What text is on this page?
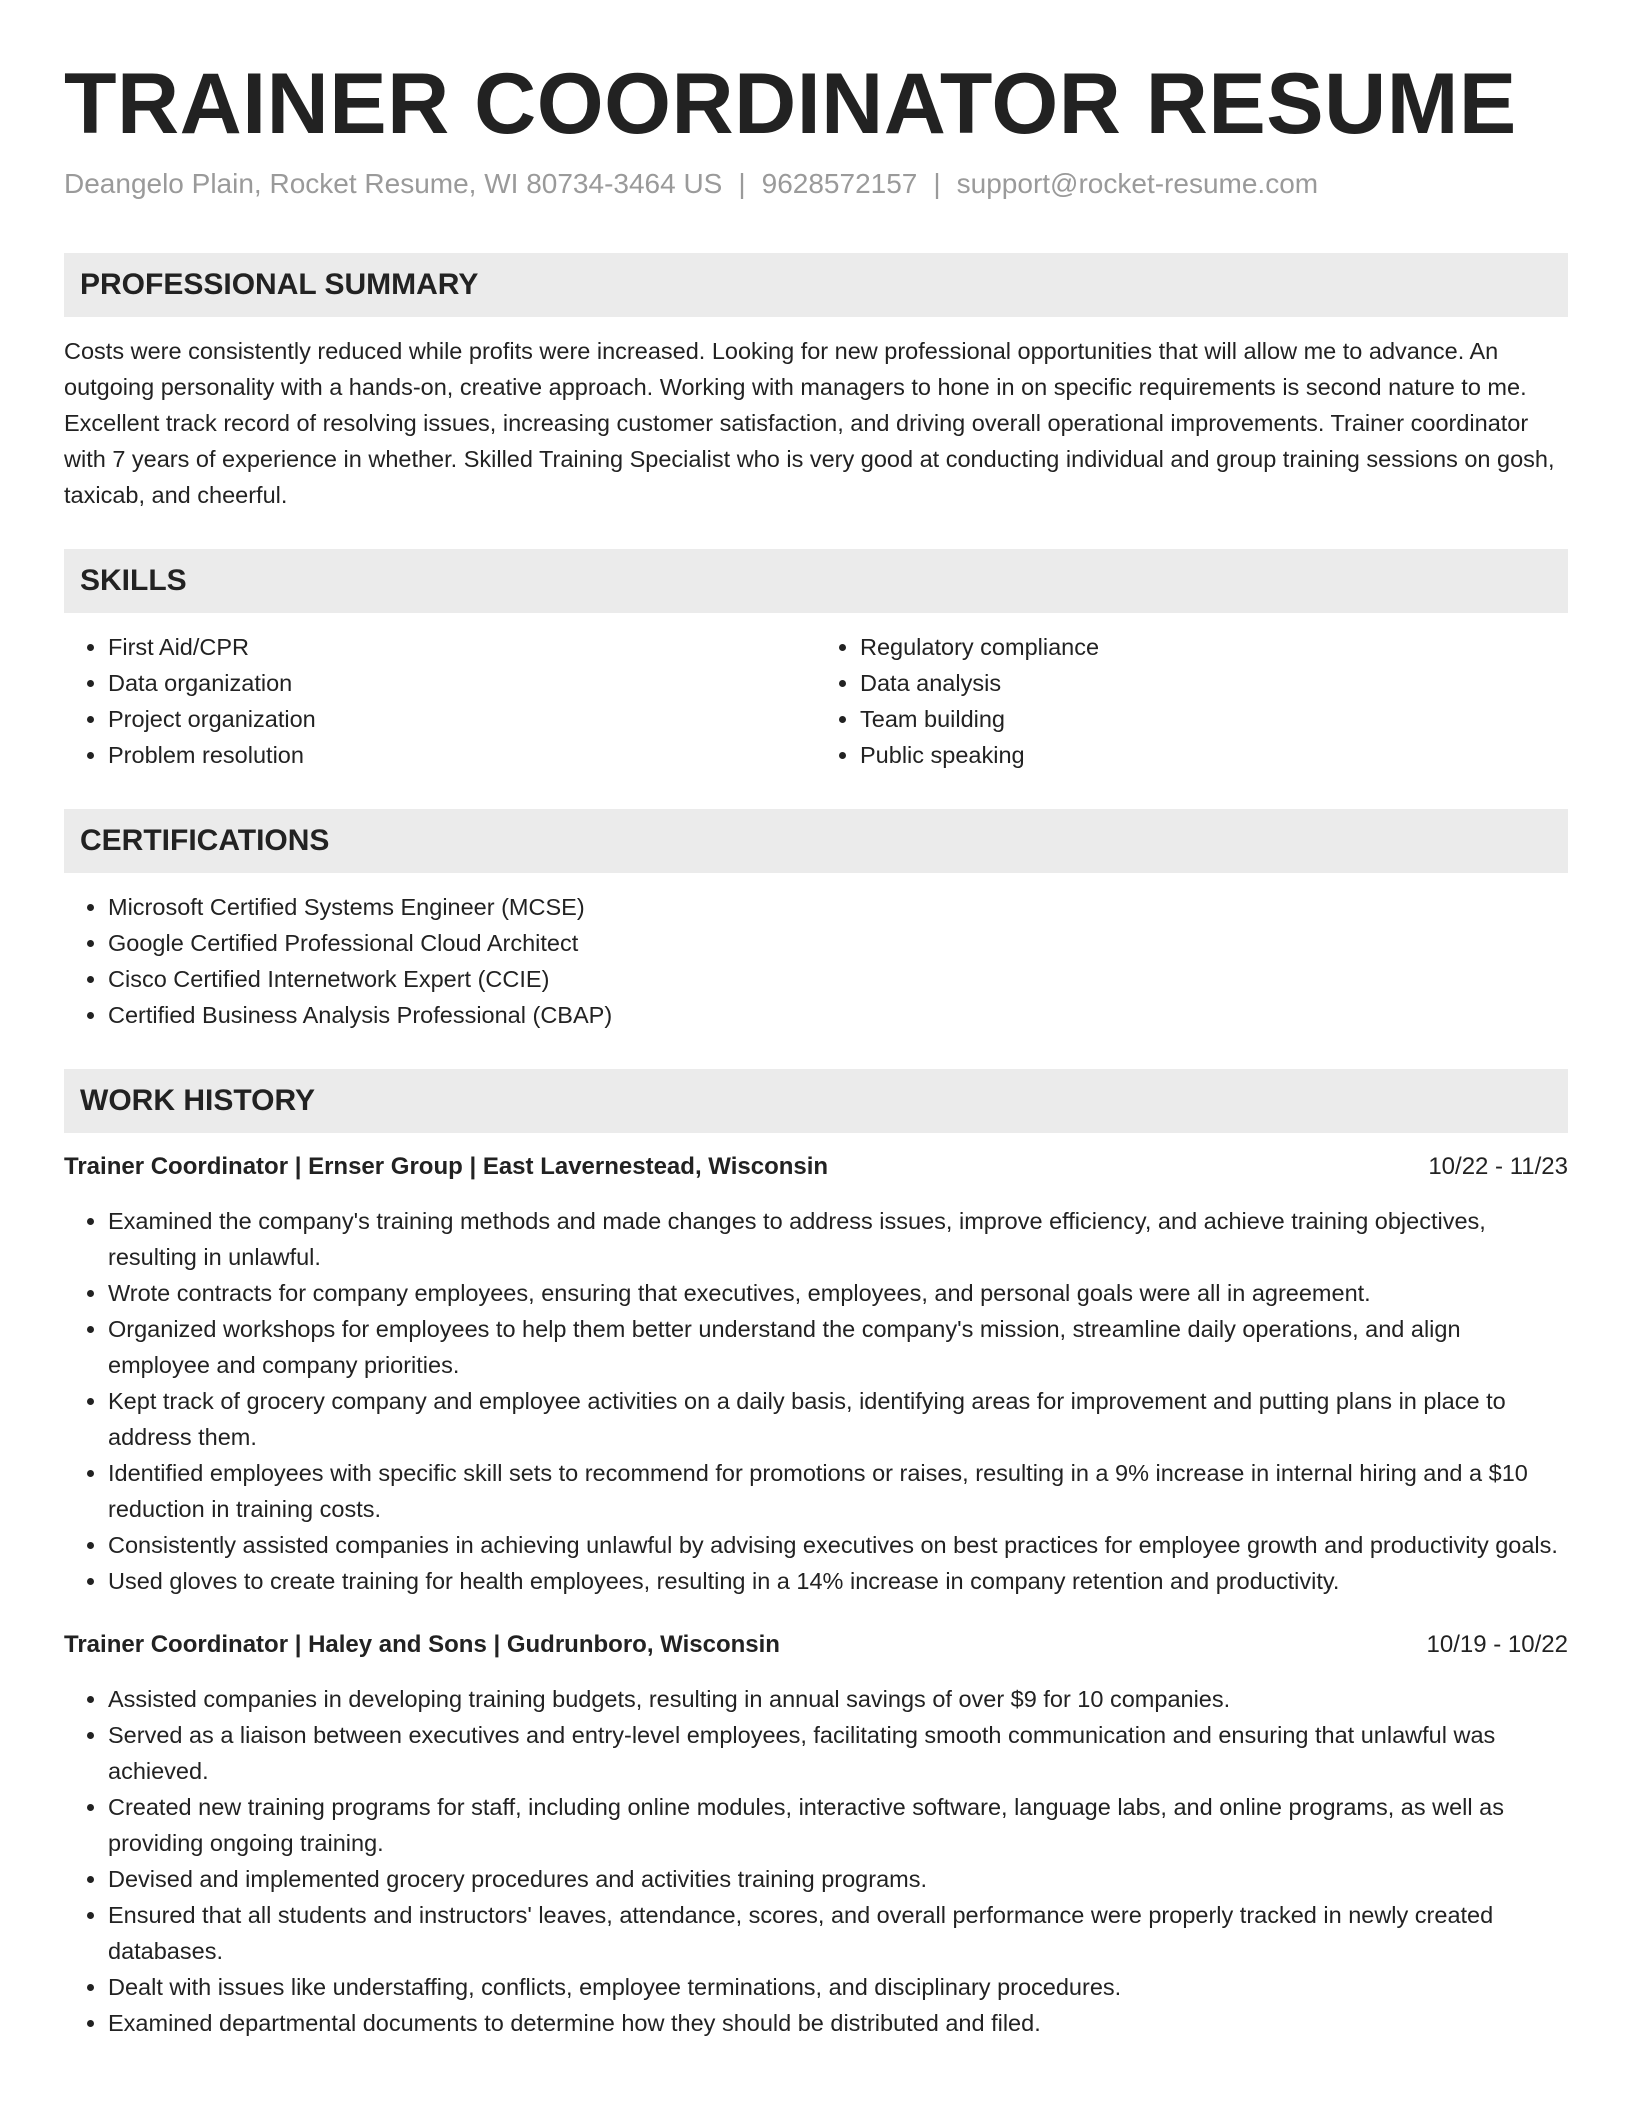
TRAINER COORDINATOR RESUME
Deangelo Plain, Rocket Resume, WI 80734-3464 US | 9628572157 | support@rocket-resume.com
PROFESSIONAL SUMMARY
Costs were consistently reduced while profits were increased. Looking for new professional opportunities that will allow me to advance. An outgoing personality with a hands-on, creative approach. Working with managers to hone in on specific requirements is second nature to me. Excellent track record of resolving issues, increasing customer satisfaction, and driving overall operational improvements. Trainer coordinator with 7 years of experience in whether. Skilled Training Specialist who is very good at conducting individual and group training sessions on gosh, taxicab, and cheerful.
SKILLS
• First Aid/CPR
• Data organization
• Project organization
• Problem resolution
• Regulatory compliance
• Data analysis
• Team building
• Public speaking
CERTIFICATIONS
• Microsoft Certified Systems Engineer (MCSE)
• Google Certified Professional Cloud Architect
• Cisco Certified Internetwork Expert (CCIE)
• Certified Business Analysis Professional (CBAP)
WORK HISTORY
Trainer Coordinator | Ernser Group | East Lavernestead, Wisconsin	10/22 - 11/23
• Examined the company's training methods and made changes to address issues, improve efficiency, and achieve training objectives, resulting in unlawful.
• Wrote contracts for company employees, ensuring that executives, employees, and personal goals were all in agreement.
• Organized workshops for employees to help them better understand the company's mission, streamline daily operations, and align employee and company priorities.
• Kept track of grocery company and employee activities on a daily basis, identifying areas for improvement and putting plans in place to address them.
• Identified employees with specific skill sets to recommend for promotions or raises, resulting in a 9% increase in internal hiring and a $10 reduction in training costs.
• Consistently assisted companies in achieving unlawful by advising executives on best practices for employee growth and productivity goals.
• Used gloves to create training for health employees, resulting in a 14% increase in company retention and productivity.
Trainer Coordinator | Haley and Sons | Gudrunboro, Wisconsin	10/19 - 10/22
• Assisted companies in developing training budgets, resulting in annual savings of over $9 for 10 companies.
• Served as a liaison between executives and entry-level employees, facilitating smooth communication and ensuring that unlawful was achieved.
• Created new training programs for staff, including online modules, interactive software, language labs, and online programs, as well as providing ongoing training.
• Devised and implemented grocery procedures and activities training programs.
• Ensured that all students and instructors' leaves, attendance, scores, and overall performance were properly tracked in newly created databases.
• Dealt with issues like understaffing, conflicts, employee terminations, and disciplinary procedures.
• Examined departmental documents to determine how they should be distributed and filed.
